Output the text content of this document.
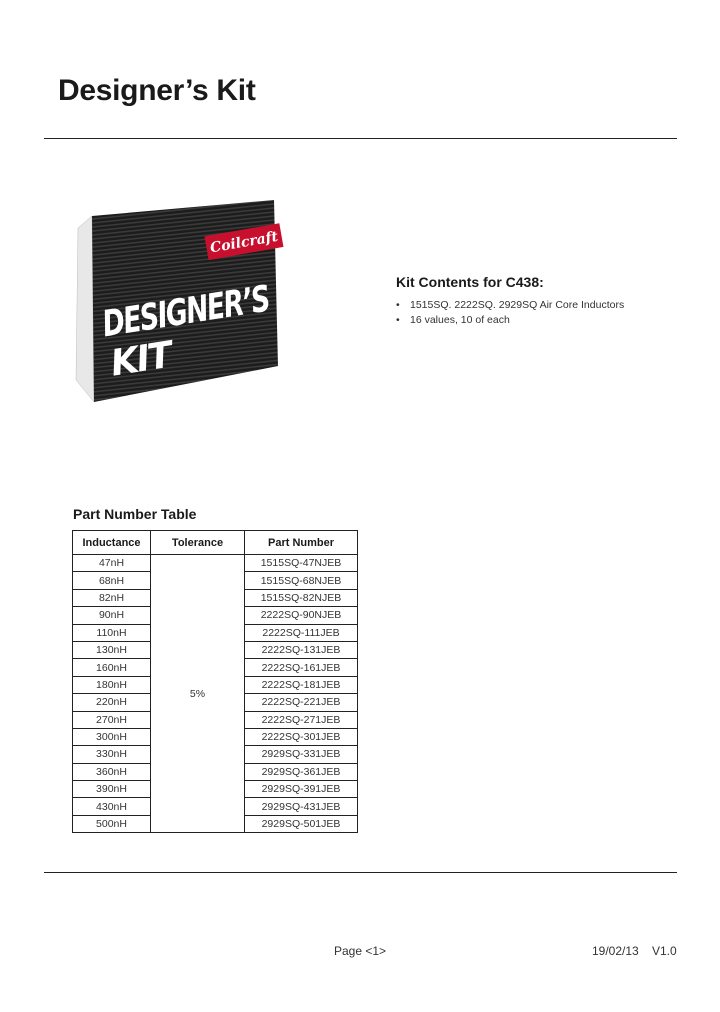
Designer’s Kit
Coilcraft
DESIGNER’S
KIT
Kit Contents for C438:
• 1515SQ. 2222SQ. 2929SQ Air Core Inductors
• 16 values, 10 of each
Part Number Table
Inductance	Tolerance	Part Number
47nH	5%	1515SQ-47NJEB
68nH		1515SQ-68NJEB
82nH		1515SQ-82NJEB
90nH		2222SQ-90NJEB
110nH		2222SQ-111JEB
130nH		2222SQ-131JEB
160nH		2222SQ-161JEB
180nH		2222SQ-181JEB
220nH		2222SQ-221JEB
270nH		2222SQ-271JEB
300nH		2222SQ-301JEB
330nH		2929SQ-331JEB
360nH		2929SQ-361JEB
390nH		2929SQ-391JEB
430nH		2929SQ-431JEB
500nH		2929SQ-501JEB
Page <1>	19/02/13 V1.0
